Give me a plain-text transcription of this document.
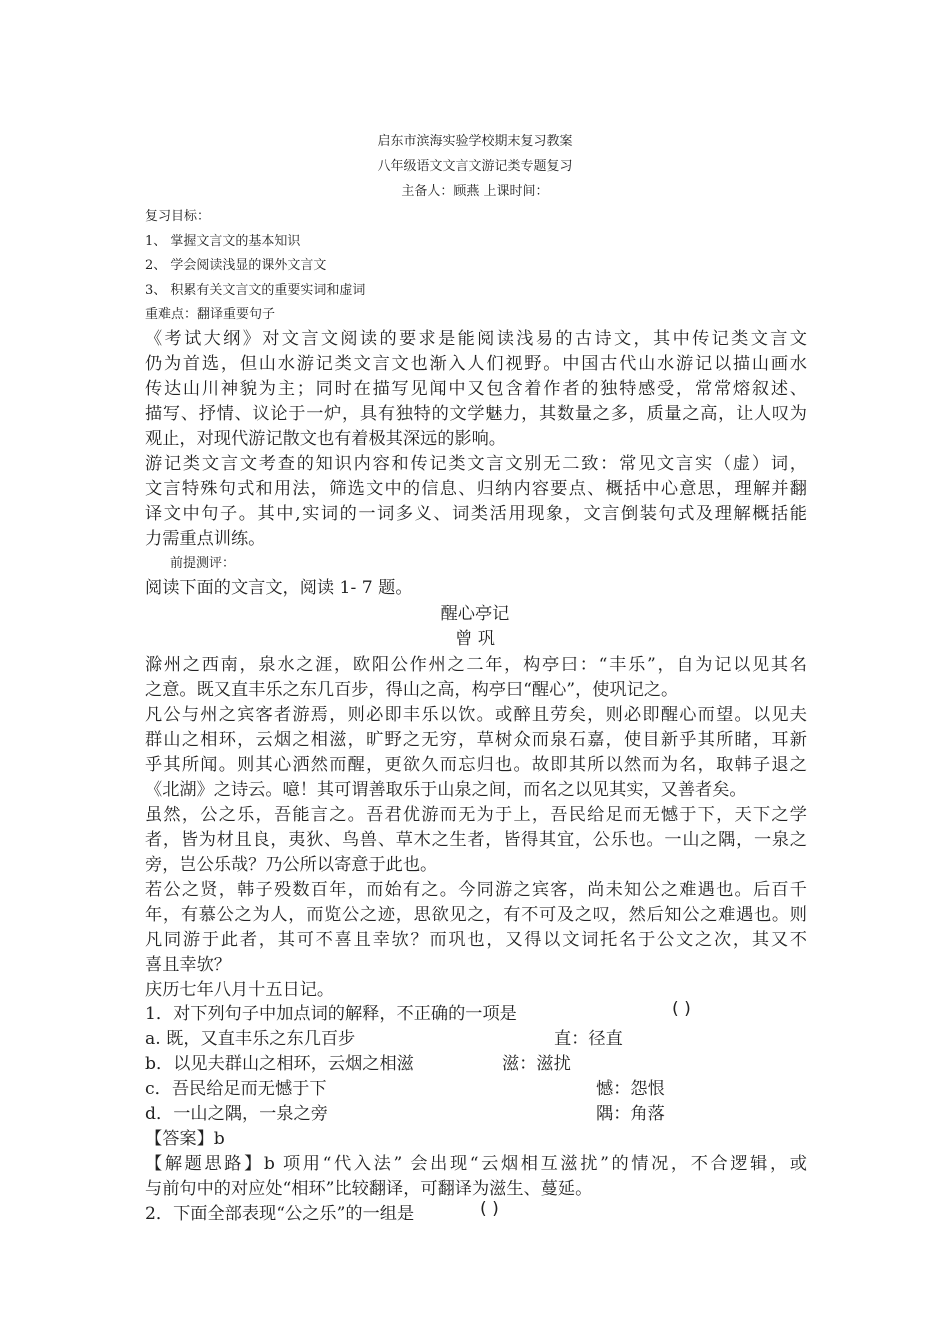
启东市滨海实验学校期末复习教案
八年级语文文言文游记类专题复习
主备人：顾燕 上课时间：
复习目标：
1、 掌握文言文的基本知识
2、 学会阅读浅显的课外文言文
3、 积累有关文言文的重要实词和虚词
重难点：翻译重要句子
《考试大纲》对文言文阅读的要求是能阅读浅易的古诗文，其中传记类文言文
仍为首选，但山水游记类文言文也渐入人们视野。中国古代山水游记以描山画水
传达山川神貌为主；同时在描写见闻中又包含着作者的独特感受，常常熔叙述、
描写、抒情、议论于一炉，具有独特的文学魅力，其数量之多，质量之高，让人叹为
观止，对现代游记散文也有着极其深远的影响。
游记类文言文考查的知识内容和传记类文言文别无二致：常见文言实（虚）词，
文言特殊句式和用法，筛选文中的信息、归纳内容要点、概括中心意思，理解并翻
译文中句子。其中,实词的一词多义、词类活用现象，文言倒装句式及理解概括能
力需重点训练。
前提测评：
阅读下面的文言文，阅读 1- 7 题。
醒心亭记
曾 巩
滁州之西南，泉水之涯，欧阳公作州之二年，构亭曰：“丰乐”，自为记以见其名
之意。既又直丰乐之东几百步，得山之高，构亭曰“醒心”，使巩记之。
凡公与州之宾客者游焉，则必即丰乐以饮。或醉且劳矣，则必即醒心而望。以见夫
群山之相环，云烟之相滋，旷野之无穷，草树众而泉石嘉，使目新乎其所睹，耳新
乎其所闻。则其心洒然而醒，更欲久而忘归也。故即其所以然而为名，取韩子退之
《北湖》之诗云。噫！其可谓善取乐于山泉之间，而名之以见其实，又善者矣。
虽然，公之乐，吾能言之。吾君优游而无为于上，吾民给足而无憾于下，天下之学
者，皆为材且良，夷狄、鸟兽、草木之生者，皆得其宜，公乐也。一山之隅，一泉之
旁，岂公乐哉？乃公所以寄意于此也。
若公之贤，韩子殁数百年，而始有之。今同游之宾客，尚未知公之难遇也。后百千
年，有慕公之为人，而览公之迹，思欲见之，有不可及之叹，然后知公之难遇也。则
凡同游于此者，其可不喜且幸欤？而巩也，又得以文词托名于公文之次，其又不
喜且幸欤？
庆历七年八月十五日记。
1．对下列句子中加点词的解释，不正确的一项是	( )
a. 既，又直丰乐之东几百步	直：径直
b．以见夫群山之相环，云烟之相滋	滋：滋扰
c．吾民给足而无憾于下	憾：怨恨
d．一山之隅，一泉之旁	隅：角落
【答案】b
【解题思路】b 项用“代入法” 会出现“云烟相互滋扰”的情况，不合逻辑，或
与前句中的对应处“相环”比较翻译，可翻译为滋生、蔓延。
2．下面全部表现“公之乐”的一组是	( )
